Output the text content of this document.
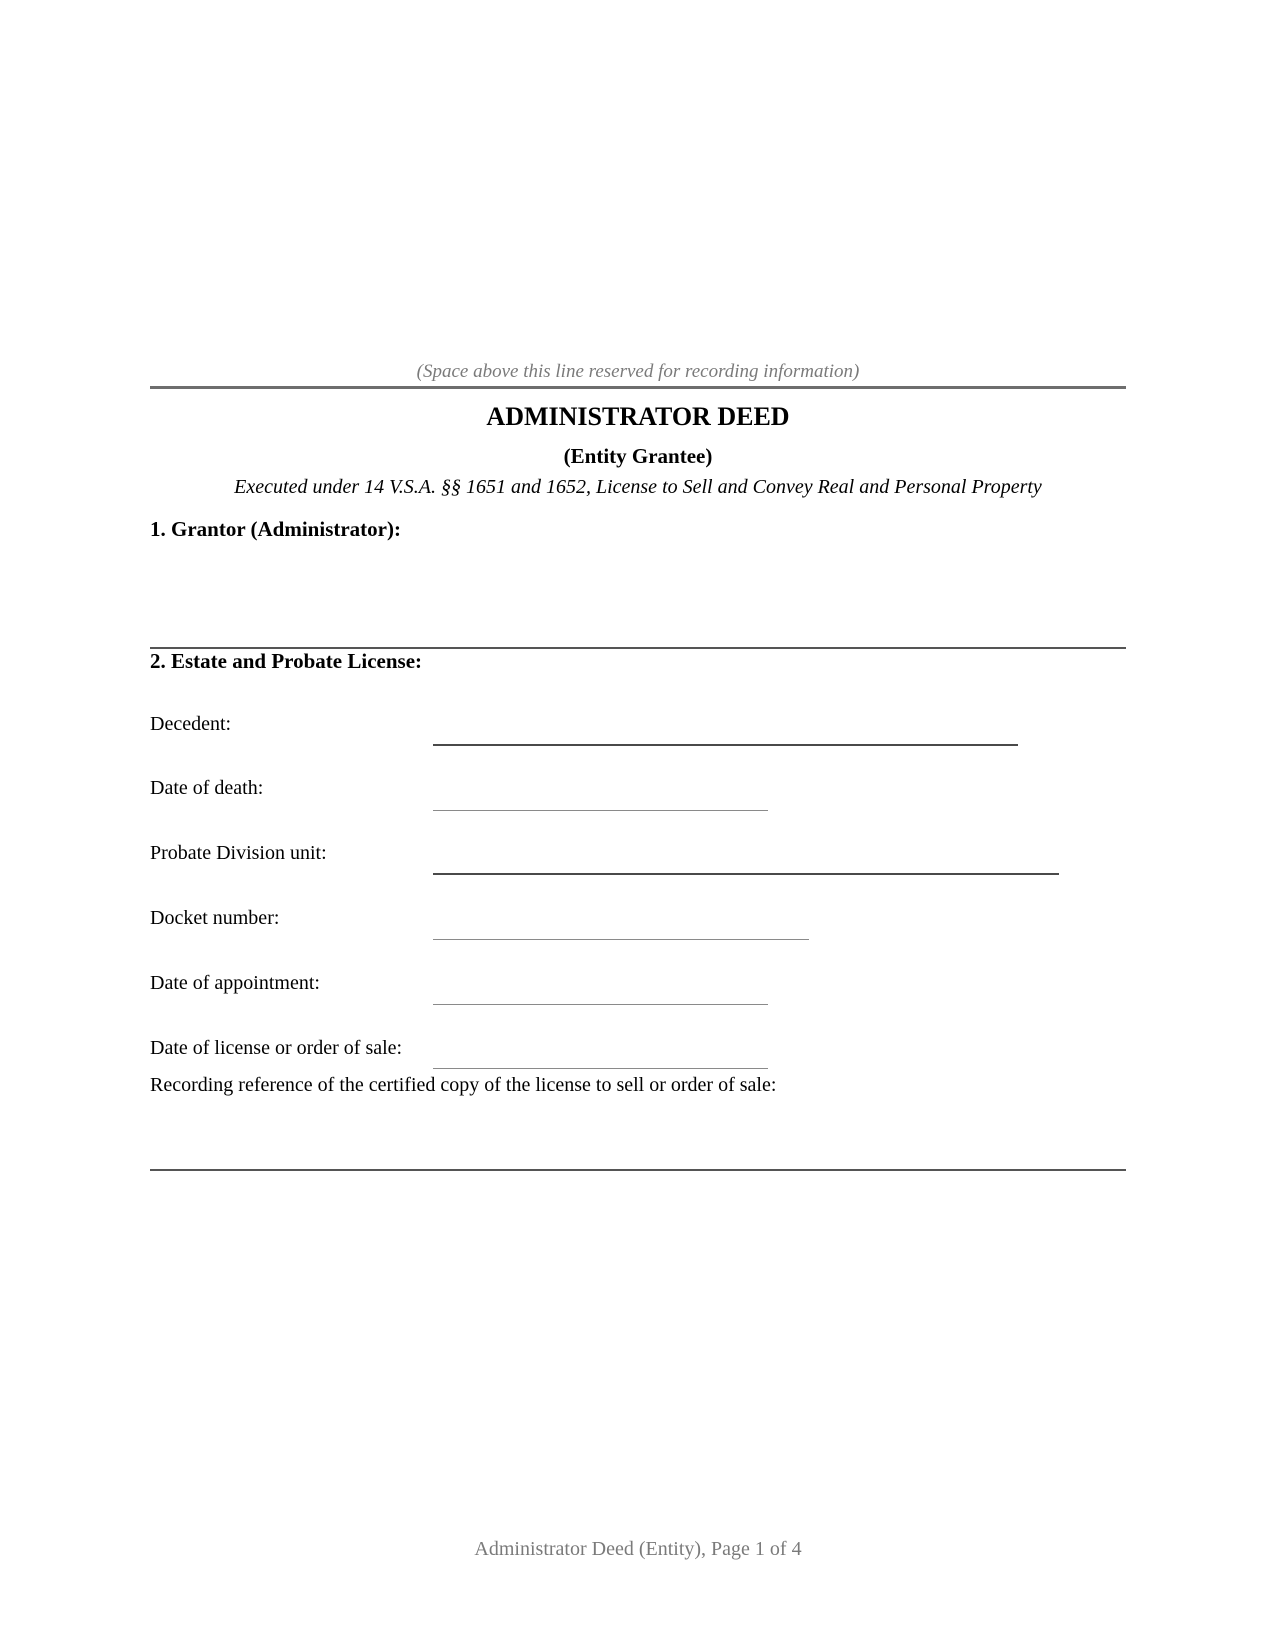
(Space above this line reserved for recording information)
ADMINISTRATOR DEED
(Entity Grantee)
Executed under 14 V.S.A. §§ 1651 and 1652, License to Sell and Convey Real and Personal Property
1. Grantor (Administrator):
2. Estate and Probate License:
Decedent:
Date of death:
Probate Division unit:
Docket number:
Date of appointment:
Date of license or order of sale:
Recording reference of the certified copy of the license to sell or order of sale:
Administrator Deed (Entity), Page 1 of 4
